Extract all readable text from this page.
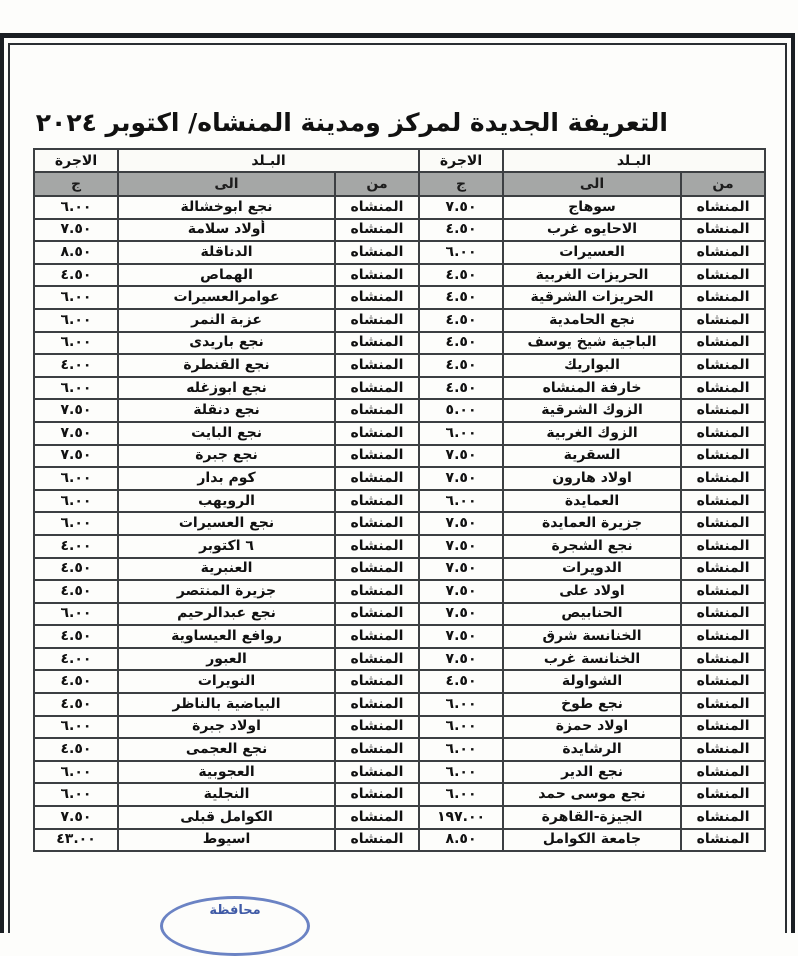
التعريفة الجديدة لمركز ومدينة المنشاه/ اكتوبر ٢٠٢٤
البـلد		الاجرة	البـلد		الاجرة
من	الى	ج	من	الى	ج
المنشاه	سوهاج	٧.٥٠	المنشاه	نجع ابوخشالة	٦.٠٠
المنشاه	الاحايوه غرب	٤.٥٠	المنشاه	أولاد سلامة	٧.٥٠
المنشاه	العسيرات	٦.٠٠	المنشاه	الدناقلة	٨.٥٠
المنشاه	الحريزات الغربية	٤.٥٠	المنشاه	الهماص	٤.٥٠
المنشاه	الحريزات الشرقية	٤.٥٠	المنشاه	عوامرالعسيرات	٦.٠٠
المنشاه	نجع الحامدية	٤.٥٠	المنشاه	عزبة النمر	٦.٠٠
المنشاه	الباجية شيخ يوسف	٤.٥٠	المنشاه	نجع باريدى	٦.٠٠
المنشاه	البواريك	٤.٥٠	المنشاه	نجع القنطرة	٤.٠٠
المنشاه	خارفة المنشاه	٤.٥٠	المنشاه	نجع ابوزغله	٦.٠٠
المنشاه	الزوك الشرقية	٥.٠٠	المنشاه	نجع دنقلة	٧.٥٠
المنشاه	الزوك الغربية	٦.٠٠	المنشاه	نجع البايت	٧.٥٠
المنشاه	السقرية	٧.٥٠	المنشاه	نجع جبرة	٧.٥٠
المنشاه	اولاد هارون	٧.٥٠	المنشاه	كوم بدار	٦.٠٠
المنشاه	العمايدة	٦.٠٠	المنشاه	الرويهب	٦.٠٠
المنشاه	جزيرة العمايدة	٧.٥٠	المنشاه	نجع العسيرات	٦.٠٠
المنشاه	نجع الشجرة	٧.٥٠	المنشاه	٦ اكتوبر	٤.٠٠
المنشاه	الدويرات	٧.٥٠	المنشاه	العنبرية	٤.٥٠
المنشاه	اولاد على	٧.٥٠	المنشاه	جزيرة المنتصر	٤.٥٠
المنشاه	الحنابيص	٧.٥٠	المنشاه	نجع عبدالرحيم	٦.٠٠
المنشاه	الخنانسة شرق	٧.٥٠	المنشاه	روافع العيساوية	٤.٥٠
المنشاه	الخنانسة غرب	٧.٥٠	المنشاه	العبور	٤.٠٠
المنشاه	الشواولة	٤.٥٠	المنشاه	النويرات	٤.٥٠
المنشاه	نجع طوخ	٦.٠٠	المنشاه	البياضية بالناظر	٤.٥٠
المنشاه	اولاد حمزة	٦.٠٠	المنشاه	اولاد جبرة	٦.٠٠
المنشاه	الرشايدة	٦.٠٠	المنشاه	نجع العجمى	٤.٥٠
المنشاه	نجع الدير	٦.٠٠	المنشاه	العجوبية	٦.٠٠
المنشاه	نجع موسى حمد	٦.٠٠	المنشاه	النجلية	٦.٠٠
المنشاه	الجيزة-القاهرة	١٩٧.٠٠	المنشاه	الكوامل قبلى	٧.٥٠
المنشاه	جامعة الكوامل	٨.٥٠	المنشاه	اسيوط	٤٣.٠٠
محافظة
